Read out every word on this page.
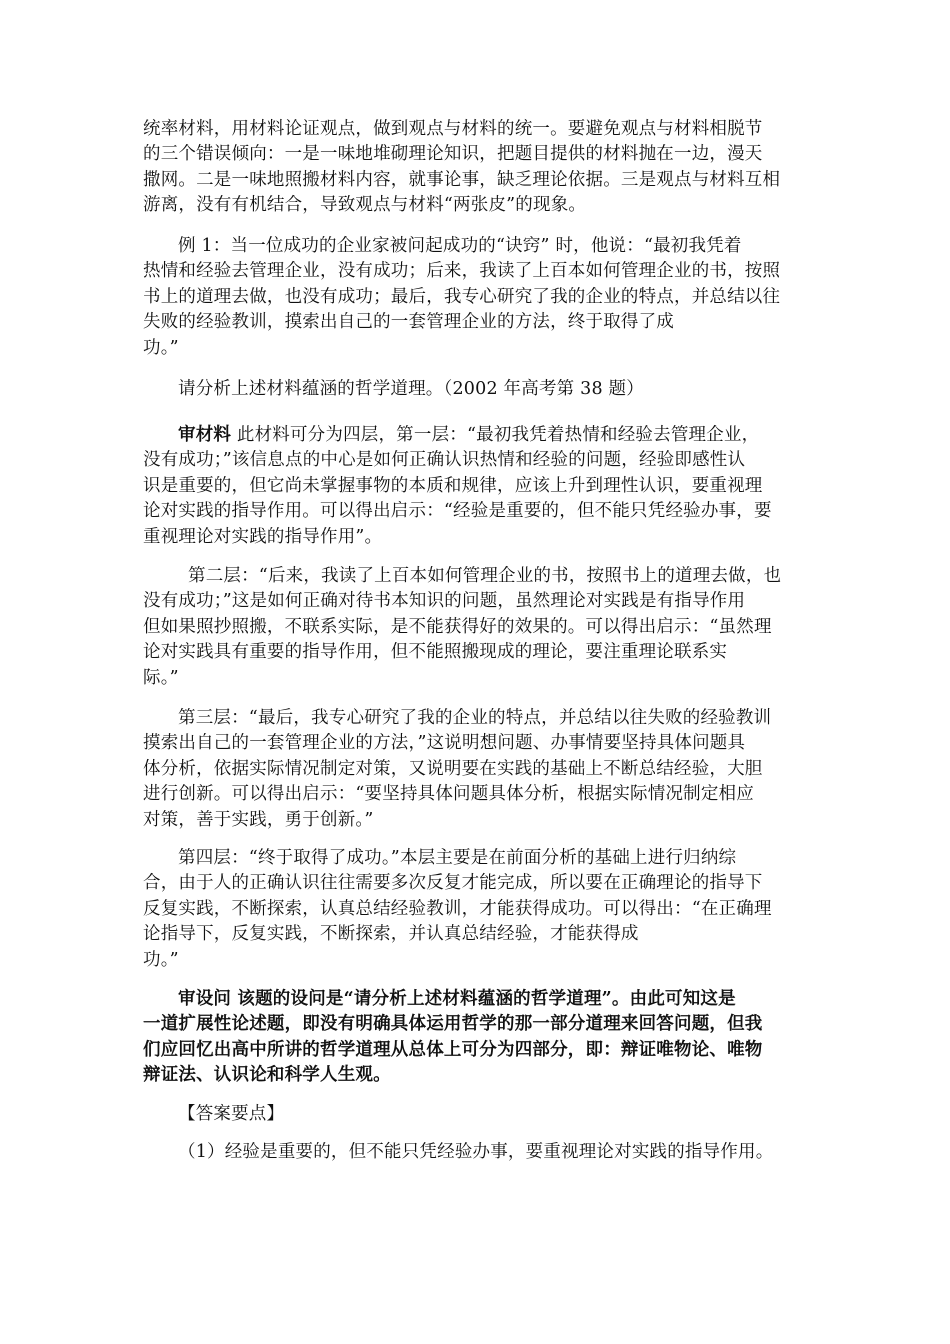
统率材料，用材料论证观点，做到观点与材料的统一。要避免观点与材料相脱节
的三个错误倾向：一是一味地堆砌理论知识，把题目提供的材料抛在一边，漫天
撒网。二是一味地照搬材料内容，就事论事，缺乏理论依据。三是观点与材料互相
游离，没有有机结合，导致观点与材料“两张皮”的现象。

例 1：当一位成功的企业家被问起成功的“诀窍” 时，他说：“最初我凭着
热情和经验去管理企业，没有成功；后来，我读了上百本如何管理企业的书，按照
书上的道理去做，也没有成功；最后，我专心研究了我的企业的特点，并总结以往
失败的经验教训，摸索出自己的一套管理企业的方法，终于取得了成
功。”

请分析上述材料蕴涵的哲学道理。（2002 年高考第 38 题）

审材料 此材料可分为四层，第一层：“最初我凭着热情和经验去管理企业，
没有成功；”该信息点的中心是如何正确认识热情和经验的问题，经验即感性认
识是重要的，但它尚未掌握事物的本质和规律，应该上升到理性认识，要重视理
论对实践的指导作用。可以得出启示：“经验是重要的，但不能只凭经验办事，要
重视理论对实践的指导作用”。

第二层：“后来，我读了上百本如何管理企业的书，按照书上的道理去做，也
没有成功；”这是如何正确对待书本知识的问题，虽然理论对实践是有指导作用
但如果照抄照搬，不联系实际，是不能获得好的效果的。可以得出启示：“虽然理
论对实践具有重要的指导作用，但不能照搬现成的理论，要注重理论联系实
际。”

第三层：“最后，我专心研究了我的企业的特点，并总结以往失败的经验教训
摸索出自己的一套管理企业的方法，”这说明想问题、办事情要坚持具体问题具
体分析，依据实际情况制定对策，又说明要在实践的基础上不断总结经验，大胆
进行创新。可以得出启示：“要坚持具体问题具体分析，根据实际情况制定相应
对策，善于实践，勇于创新。”

第四层：“终于取得了成功。”本层主要是在前面分析的基础上进行归纳综
合，由于人的正确认识往往需要多次反复才能完成，所以要在正确理论的指导下
反复实践，不断探索，认真总结经验教训，才能获得成功。可以得出：“在正确理
论指导下，反复实践，不断探索，并认真总结经验，才能获得成
功。”

审设问 该题的设问是“请分析上述材料蕴涵的哲学道理”。由此可知这是
一道扩展性论述题，即没有明确具体运用哲学的那一部分道理来回答问题，但我
们应回忆出高中所讲的哲学道理从总体上可分为四部分，即：辩证唯物论、唯物
辩证法、认识论和科学人生观。

【答案要点】

（1）经验是重要的，但不能只凭经验办事，要重视理论对实践的指导作用。
